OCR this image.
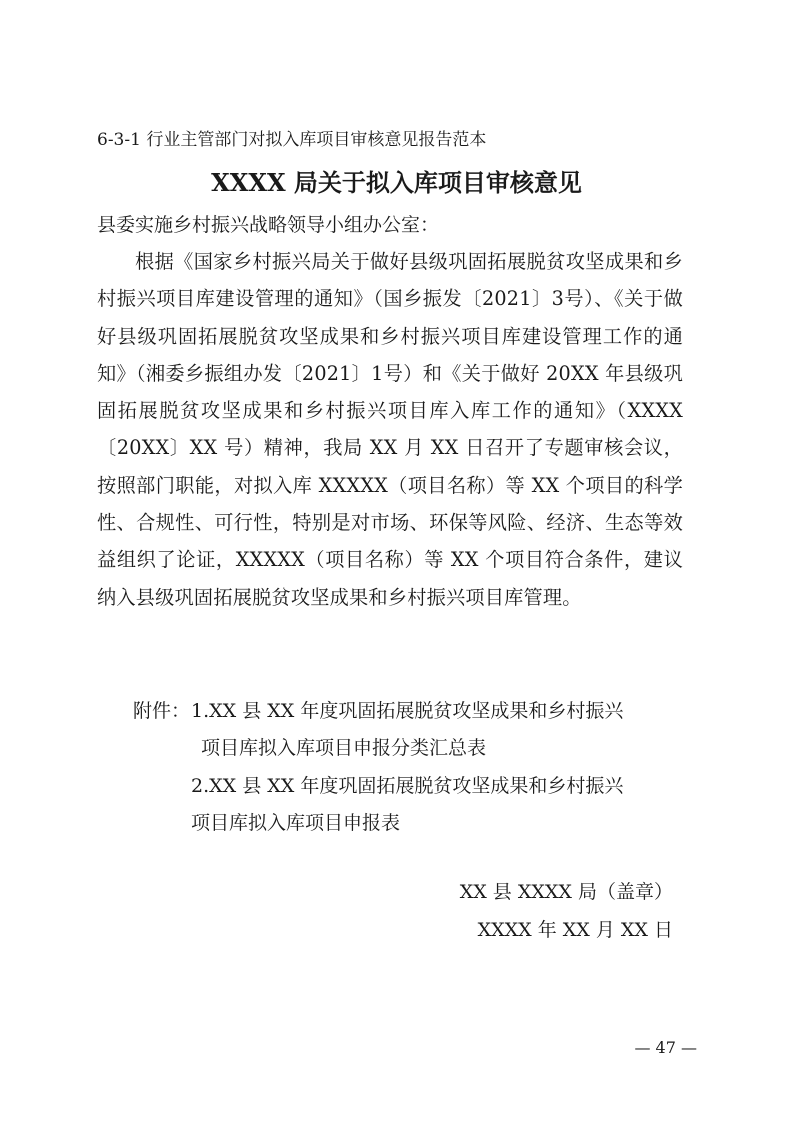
6-3-1 行业主管部门对拟入库项目审核意见报告范本
XXXX 局关于拟入库项目审核意见
县委实施乡村振兴战略领导小组办公室：

根据《国家乡村振兴局关于做好县级巩固拓展脱贫攻坚成果和乡村振兴项目库建设管理的通知》（国乡振发〔2021〕3号）、《关于做好县级巩固拓展脱贫攻坚成果和乡村振兴项目库建设管理工作的通知》（湘委乡振组办发〔2021〕1号）和《关于做好 20XX 年县级巩固拓展脱贫攻坚成果和乡村振兴项目库入库工作的通知》（XXXX〔20XX〕XX 号）精神，我局 XX 月 XX 日召开了专题审核会议，按照部门职能，对拟入库 XXXXX（项目名称）等 XX 个项目的科学性、合规性、可行性，特别是对市场、环保等风险、经济、生态等效益组织了论证，XXXXX（项目名称）等 XX 个项目符合条件，建议纳入县级巩固拓展脱贫攻坚成果和乡村振兴项目库管理。

附件： 1.XX 县 XX 年度巩固拓展脱贫攻坚成果和乡村振兴
项目库拟入库项目申报分类汇总表
2.XX 县 XX 年度巩固拓展脱贫攻坚成果和乡村振兴
项目库拟入库项目申报表
XX 县 XXXX 局（盖章）
XXXX 年 XX 月 XX 日
— 47 —
